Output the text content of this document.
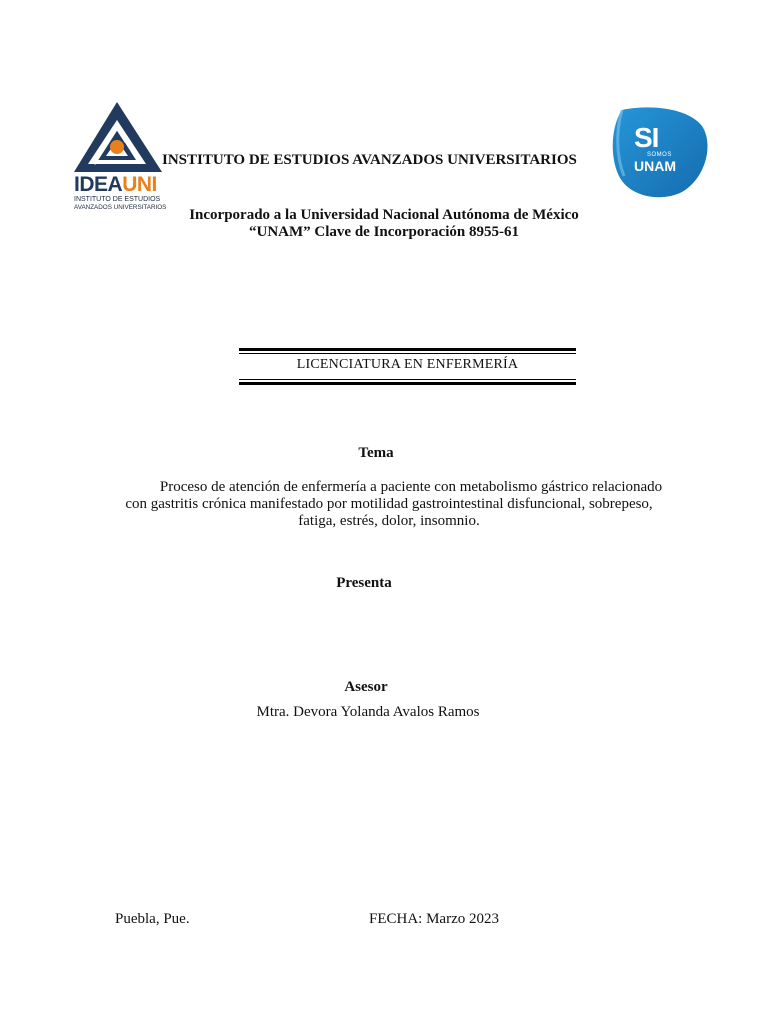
IDEAUNI
INSTITUTO DE ESTUDIOS
AVANZADOS UNIVERSITARIOS
SI
SOMOS
UNAM
INSTITUTO DE ESTUDIOS AVANZADOS UNIVERSITARIOS
Incorporado a la Universidad Nacional Autónoma de México
“UNAM” Clave de Incorporación 8955-61
LICENCIATURA EN ENFERMERÍA
Tema
Proceso de atención de enfermería a paciente con metabolismo gástrico relacionado
con gastritis crónica manifestado por motilidad gastrointestinal disfuncional, sobrepeso,
fatiga, estrés, dolor, insomnio.
Presenta
Asesor
Mtra. Devora Yolanda Avalos Ramos
Puebla, Pue.	FECHA: Marzo 2023
